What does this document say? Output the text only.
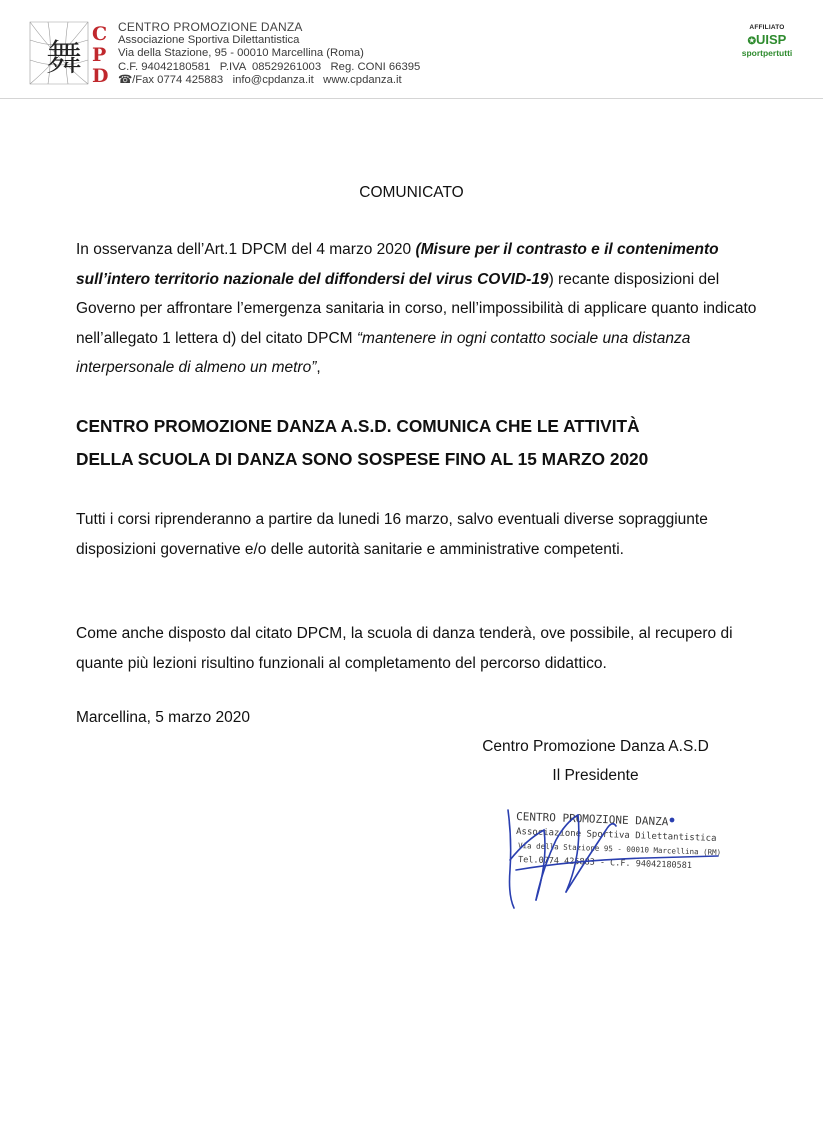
舞
C
P
D
CENTRO PROMOZIONE DANZA
Associazione Sportiva Dilettantistica
Via della Stazione, 95 - 00010 Marcellina (Roma)
C.F. 94042180581   P.IVA  08529261003   Reg. CONI 66395
☎/Fax 0774 425883   info@cpdanza.it   www.cpdanza.it
AFFILIATO
✪UISP
sportpertutti
COMUNICATO
In osservanza dell’Art.1 DPCM del 4 marzo 2020 (Misure per il contrasto e il contenimento sull’intero territorio nazionale del diffondersi del virus COVID-19) recante disposizioni del Governo per affrontare l’emergenza sanitaria in corso, nell’impossibilità di applicare quanto indicato nell’allegato 1 lettera d) del citato DPCM “mantenere in ogni contatto sociale una distanza interpersonale di almeno un metro”,
CENTRO PROMOZIONE DANZA A.S.D. COMUNICA CHE LE ATTIVITÀ
DELLA SCUOLA DI DANZA SONO SOSPESE FINO AL 15 MARZO 2020
Tutti i corsi riprenderanno a partire da lunedi 16 marzo, salvo eventuali diverse sopraggiunte disposizioni governative e/o delle autorità sanitarie e amministrative competenti.
Come anche disposto dal citato DPCM, la scuola di danza tenderà, ove possibile, al recupero di quante più lezioni risultino funzionali al completamento del percorso didattico.
Marcellina, 5 marzo 2020
Centro Promozione Danza A.S.D
Il Presidente
CENTRO PROMOZIONE DANZA
Associazione Sportiva Dilettantistica
Via della Stazione 95 - 00010 Marcellina (RM)
Tel.0774 425883 - C.F. 94042180581
